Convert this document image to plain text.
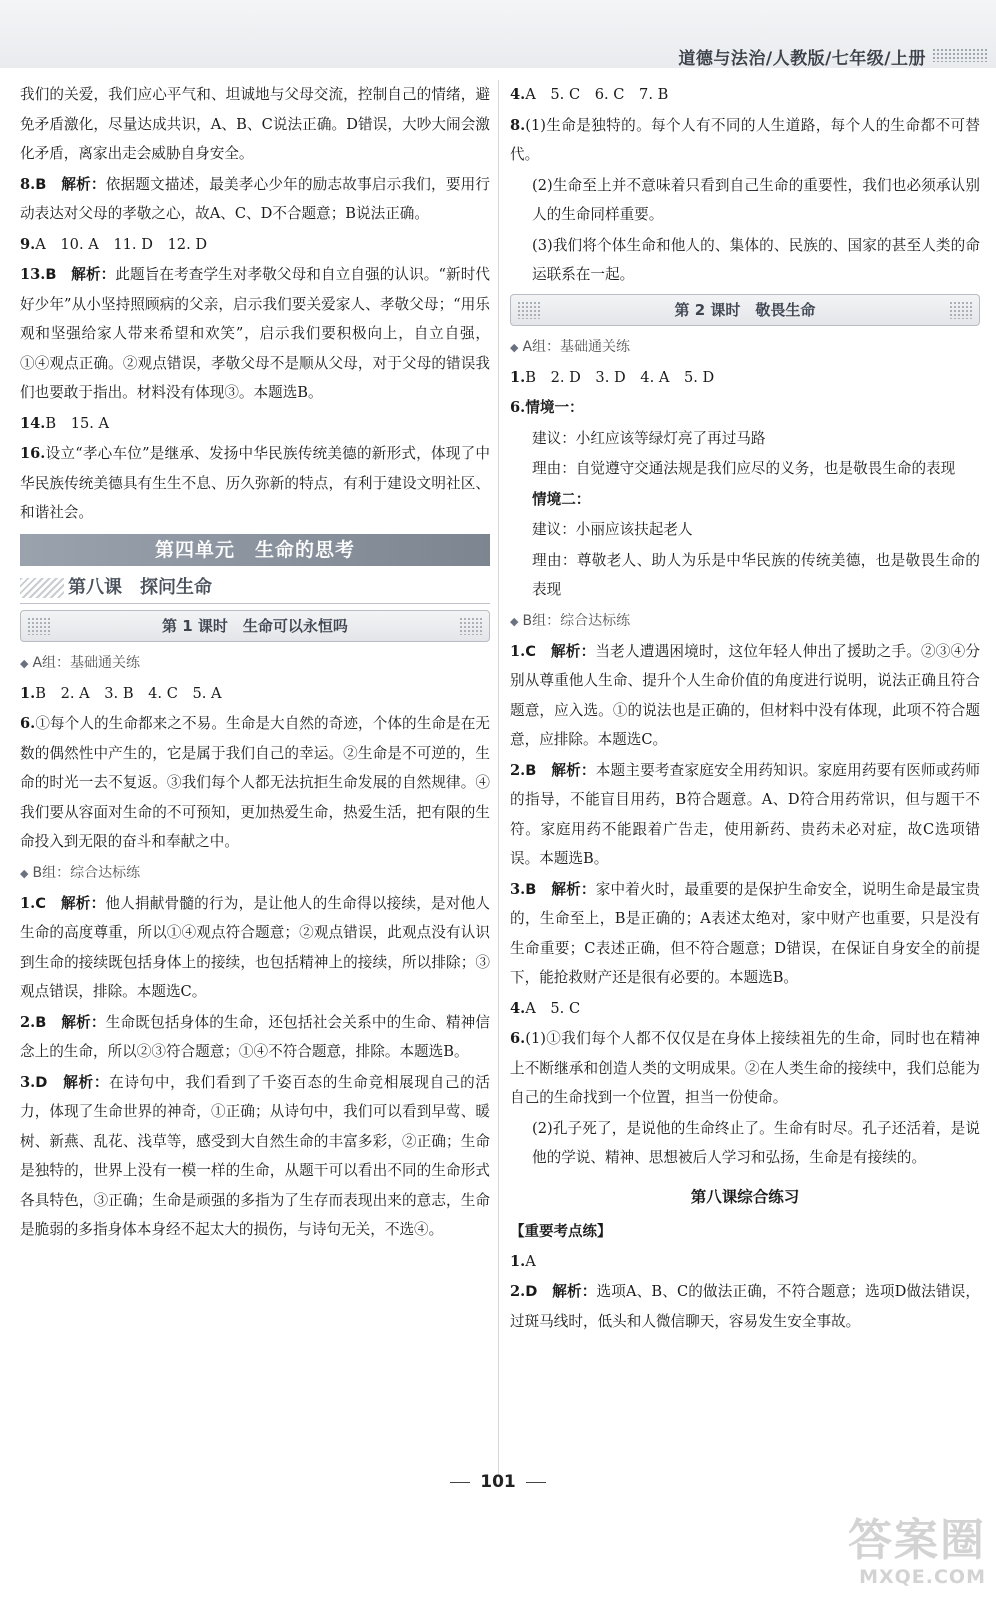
道德与法治/人教版/七年级/上册
我们的关爱，我们应心平气和、坦诚地与父母交流，控制自己的情绪，避免矛盾激化，尽量达成共识，A、B、C说法正确。D错误，大吵大闹会激化矛盾，离家出走会威胁自身安全。
8.B　解析：依据题文描述，最美孝心少年的励志故事启示我们，要用行动表达对父母的孝敬之心，故A、C、D不合题意；B说法正确。
9.A　10. A　11. D　12. D
13.B　解析：此题旨在考查学生对孝敬父母和自立自强的认识。“新时代好少年”从小坚持照顾病的父亲，启示我们要关爱家人、孝敬父母；“用乐观和坚强给家人带来希望和欢笑”，启示我们要积极向上，自立自强，①④观点正确。②观点错误，孝敬父母不是顺从父母，对于父母的错误我们也要敢于指出。材料没有体现③。本题选B。
14.B　15. A
16.设立“孝心车位”是继承、发扬中华民族传统美德的新形式，体现了中华民族传统美德具有生生不息、历久弥新的特点，有利于建设文明社区、和谐社会。
第四单元　生命的思考
第八课　探问生命
第 1 课时　生命可以永恒吗
◆ A组：基础通关练
1.B　2. A　3. B　4. C　5. A
6.①每个人的生命都来之不易。生命是大自然的奇迹，个体的生命是在无数的偶然性中产生的，它是属于我们自己的幸运。②生命是不可逆的，生命的时光一去不复返。③我们每个人都无法抗拒生命发展的自然规律。④我们要从容面对生命的不可预知，更加热爱生命，热爱生活，把有限的生命投入到无限的奋斗和奉献之中。
◆ B组：综合达标练
1.C　解析：他人捐献骨髓的行为，是让他人的生命得以接续，是对他人生命的高度尊重，所以①④观点符合题意；②观点错误，此观点没有认识到生命的接续既包括身体上的接续，也包括精神上的接续，所以排除；③观点错误，排除。本题选C。
2.B　解析：生命既包括身体的生命，还包括社会关系中的生命、精神信念上的生命，所以②③符合题意；①④不符合题意，排除。本题选B。
3.D　解析：在诗句中，我们看到了千姿百态的生命竞相展现自己的活力，体现了生命世界的神奇，①正确；从诗句中，我们可以看到早莺、暖树、新燕、乱花、浅草等，感受到大自然生命的丰富多彩，②正确；生命是独特的，世界上没有一模一样的生命，从题干可以看出不同的生命形式各具特色，③正确；生命是顽强的多指为了生存而表现出来的意志，生命是脆弱的多指身体本身经不起太大的损伤，与诗句无关，不选④。
4.A　5. C　6. C　7. B
8.(1)生命是独特的。每个人有不同的人生道路，每个人的生命都不可替代。
(2)生命至上并不意味着只看到自己生命的重要性，我们也必须承认别人的生命同样重要。
(3)我们将个体生命和他人的、集体的、民族的、国家的甚至人类的命运联系在一起。
第 2 课时　敬畏生命
◆ A组：基础通关练
1.B　2. D　3. D　4. A　5. D
6.情境一：
建议：小红应该等绿灯亮了再过马路
理由：自觉遵守交通法规是我们应尽的义务，也是敬畏生命的表现
情境二：
建议：小丽应该扶起老人
理由：尊敬老人、助人为乐是中华民族的传统美德，也是敬畏生命的表现
◆ B组：综合达标练
1.C　解析：当老人遭遇困境时，这位年轻人伸出了援助之手。②③④分别从尊重他人生命、提升个人生命价值的角度进行说明，说法正确且符合题意，应入选。①的说法也是正确的，但材料中没有体现，此项不符合题意，应排除。本题选C。
2.B　解析：本题主要考查家庭安全用药知识。家庭用药要有医师或药师的指导，不能盲目用药，B符合题意。A、D符合用药常识，但与题干不符。家庭用药不能跟着广告走，使用新药、贵药未必对症，故C选项错误。本题选B。
3.B　解析：家中着火时，最重要的是保护生命安全，说明生命是最宝贵的，生命至上，B是正确的；A表述太绝对，家中财产也重要，只是没有生命重要；C表述正确，但不符合题意；D错误，在保证自身安全的前提下，能抢救财产还是很有必要的。本题选B。
4.A　5. C
6.(1)①我们每个人都不仅仅是在身体上接续祖先的生命，同时也在精神上不断继承和创造人类的文明成果。②在人类生命的接续中，我们总能为自己的生命找到一个位置，担当一份使命。
(2)孔子死了，是说他的生命终止了。生命有时尽。孔子还活着，是说他的学说、精神、思想被后人学习和弘扬，生命是有接续的。
第八课综合练习
【重要考点练】
1.A
2.D　解析：选项A、B、C的做法正确，不符合题意；选项D做法错误，过斑马线时，低头和人微信聊天，容易发生安全事故。
101
答案圈
MXQE.COM
